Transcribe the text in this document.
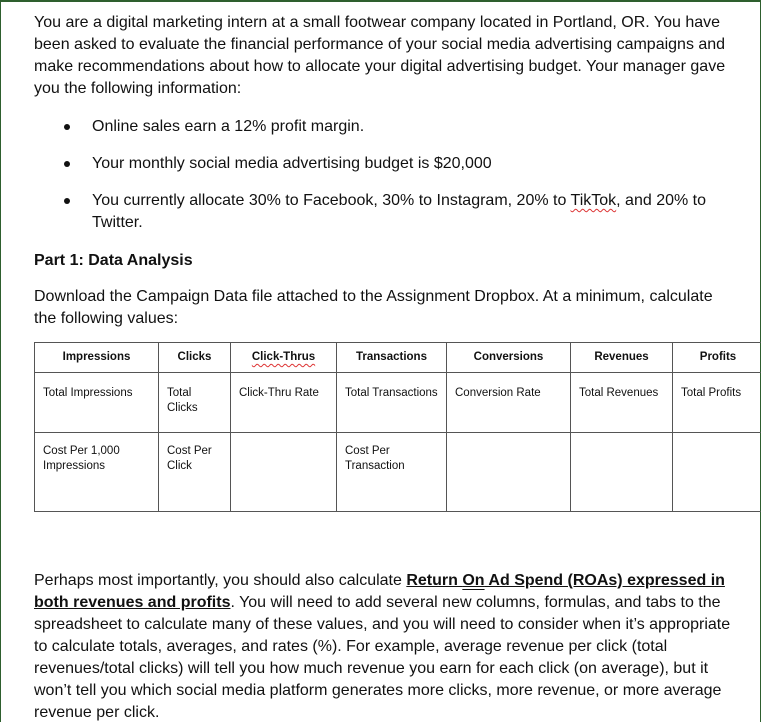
You are a digital marketing intern at a small footwear company located in Portland, OR. You have been asked to evaluate the financial performance of your social media advertising campaigns and make recommendations about how to allocate your digital advertising budget. Your manager gave you the following information:
Online sales earn a 12% profit margin.
Your monthly social media advertising budget is $20,000
You currently allocate 30% to Facebook, 30% to Instagram, 20% to TikTok, and 20% to Twitter.
Part 1: Data Analysis
Download the Campaign Data file attached to the Assignment Dropbox. At a minimum, calculate the following values:
Impressions	Clicks	Click-Thrus	Transactions	Conversions	Revenues	Profits
Total Impressions	Total Clicks	Click-Thru Rate	Total Transactions	Conversion Rate	Total Revenues	Total Profits
Cost Per 1,000 Impressions	Cost Per Click		Cost Per Transaction			
Perhaps most importantly, you should also calculate Return On Ad Spend (ROAs) expressed in both revenues and profits. You will need to add several new columns, formulas, and tabs to the spreadsheet to calculate many of these values, and you will need to consider when it’s appropriate to calculate totals, averages, and rates (%). For example, average revenue per click (total revenues/total clicks) will tell you how much revenue you earn for each click (on average), but it won’t tell you which social media platform generates more clicks, more revenue, or more average revenue per click.
